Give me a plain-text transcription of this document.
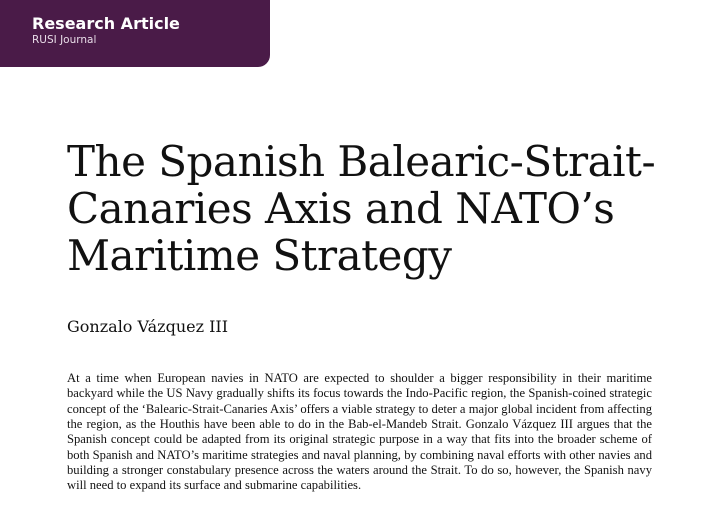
Research Article
RUSI Journal
The Spanish Balearic-Strait-Canaries Axis and NATO’s Maritime Strategy

Gonzalo Vázquez III

At a time when European navies in NATO are expected to shoulder a bigger responsibility in their maritime backyard while the US Navy gradually shifts its focus towards the Indo-Pacific region, the Spanish-coined strategic concept of the ‘Balearic-Strait-Canaries Axis’ offers a viable strategy to deter a major global incident from affecting the region, as the Houthis have been able to do in the Bab-el-Mandeb Strait. Gonzalo Vázquez III argues that the Spanish concept could be adapted from its original strategic purpose in a way that fits into the broader scheme of both Spanish and NATO’s maritime strategies and naval planning, by combining naval efforts with other navies and building a stronger constabulary presence across the waters around the Strait. To do so, however, the Spanish navy will need to expand its surface and submarine capabilities.
